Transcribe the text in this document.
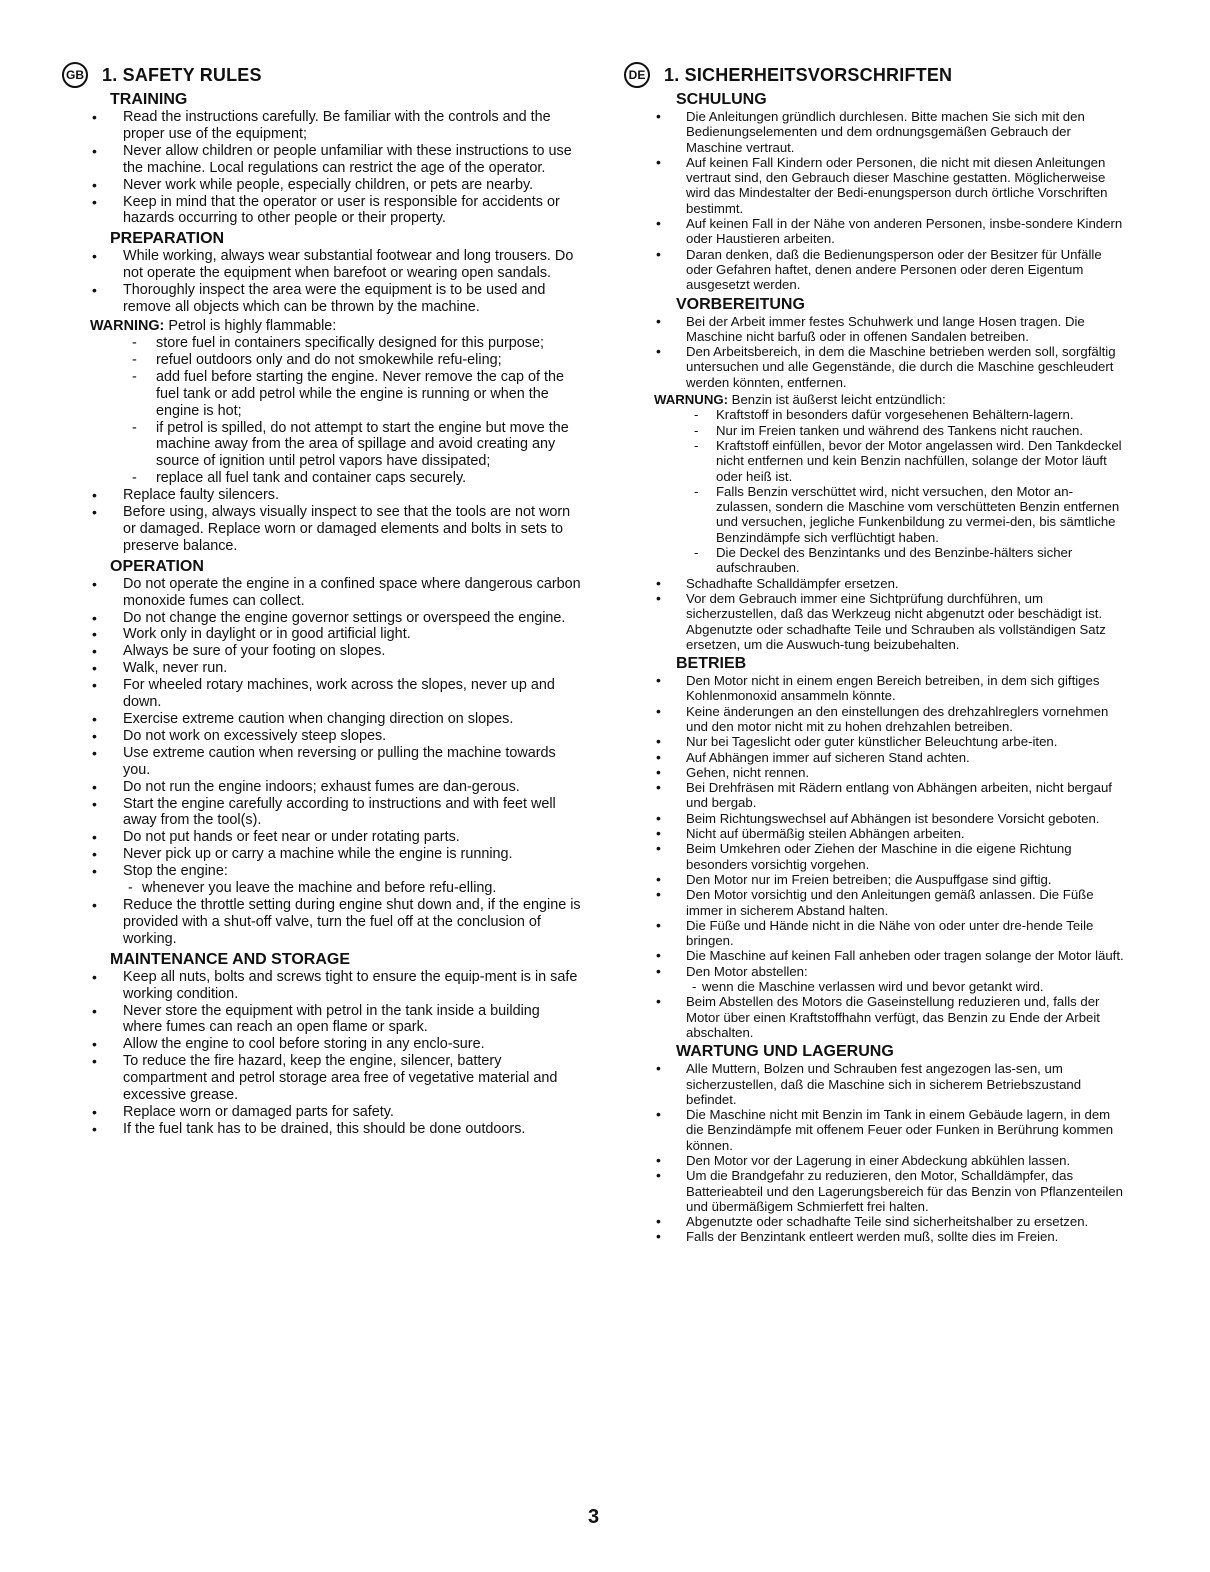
GB 1. SAFETY RULES
TRAINING
• Read the instructions carefully. Be familiar with the controls and the proper use of the equipment;
• Never allow children or people unfamiliar with these instructions to use the machine. Local regulations can restrict the age of the operator.
• Never work while people, especially children, or pets are nearby.
• Keep in mind that the operator or user is responsible for accidents or hazards occurring to other people or their property.
PREPARATION
• While working, always wear substantial footwear and long trousers. Do not operate the equipment when barefoot or wearing open sandals.
• Thoroughly inspect the area were the equipment is to be used and remove all objects which can be thrown by the machine.
WARNING: Petrol is highly flammable:
- store fuel in containers specifically designed for this purpose;
- refuel outdoors only and do not smokewhile refu-eling;
- add fuel before starting the engine. Never remove the cap of the fuel tank or add petrol while the engine is running or when the engine is hot;
- if petrol is spilled, do not attempt to start the engine but move the machine away from the area of spillage and avoid creating any source of ignition until petrol vapors have dissipated;
- replace all fuel tank and container caps securely.
• Replace faulty silencers.
• Before using, always visually inspect to see that the tools are not worn or damaged. Replace worn or damaged elements and bolts in sets to preserve balance.
OPERATION
• Do not operate the engine in a confined space where dangerous carbon monoxide fumes can collect.
• Do not change the engine governor settings or overspeed the engine.
• Work only in daylight or in good artificial light.
• Always be sure of your footing on slopes.
• Walk, never run.
• For wheeled rotary machines, work across the slopes, never up and down.
• Exercise extreme caution when changing direction on slopes.
• Do not work on excessively steep slopes.
• Use extreme caution when reversing or pulling the machine towards you.
• Do not run the engine indoors; exhaust fumes are dan-gerous.
• Start the engine carefully according to instructions and with feet well away from the tool(s).
• Do not put hands or feet near or under rotating parts.
• Never pick up or carry a machine while the engine is running.
• Stop the engine:
- whenever you leave the machine and before refu-elling.
• Reduce the throttle setting during engine shut down and, if the engine is provided with a shut-off valve, turn the fuel off at the conclusion of working.
MAINTENANCE AND STORAGE
• Keep all nuts, bolts and screws tight to ensure the equip-ment is in safe working condition.
• Never store the equipment with petrol in the tank inside a building where fumes can reach an open flame or spark.
• Allow the engine to cool before storing in any enclo-sure.
• To reduce the fire hazard, keep the engine, silencer, battery compartment and petrol storage area free of vegetative material and excessive grease.
• Replace worn or damaged parts for safety.
• If the fuel tank has to be drained, this should be done outdoors.
DE 1. SICHERHEITSVORSCHRIFTEN
SCHULUNG
• Die Anleitungen gründlich durchlesen. Bitte machen Sie sich mit den Bedienungselementen und dem ordnungsgemäßen Gebrauch der Maschine vertraut.
• Auf keinen Fall Kindern oder Personen, die nicht mit diesen Anleitungen vertraut sind, den Gebrauch dieser Maschine gestatten. Möglicherweise wird das Mindestalter der Bedi-enungsperson durch örtliche Vorschriften bestimmt.
• Auf keinen Fall in der Nähe von anderen Personen, insbe-sondere Kindern oder Haustieren arbeiten.
• Daran denken, daß die Bedienungsperson oder der Besitzer für Unfälle oder Gefahren haftet, denen andere Personen oder deren Eigentum ausgesetzt werden.
VORBEREITUNG
• Bei der Arbeit immer festes Schuhwerk und lange Hosen tragen. Die Maschine nicht barfuß oder in offenen Sandalen betreiben.
• Den Arbeitsbereich, in dem die Maschine betrieben werden soll, sorgfältig untersuchen und alle Gegenstände, die durch die Maschine geschleudert werden könnten, entfernen.
WARNUNG: Benzin ist äußerst leicht entzündlich:
- Kraftstoff in besonders dafür vorgesehenen Behältern-lagern.
- Nur im Freien tanken und während des Tankens nicht rauchen.
- Kraftstoff einfüllen, bevor der Motor angelassen wird. Den Tankdeckel nicht entfernen und kein Benzin nachfüllen, solange der Motor läuft oder heiß ist.
- Falls Benzin verschüttet wird, nicht versuchen, den Motor an-zulassen, sondern die Maschine vom verschütteten Benzin entfernen und versuchen, jegliche Funkenbildung zu vermei-den, bis sämtliche Benzindämpfe sich verflüchtigt haben.
- Die Deckel des Benzintanks und des Benzinbe-hälters sicher aufschrauben.
• Schadhafte Schalldämpfer ersetzen.
• Vor dem Gebrauch immer eine Sichtprüfung durchführen, um sicherzustellen, daß das Werkzeug nicht abgenutzt oder beschädigt ist. Abgenutzte oder schadhafte Teile und Schrauben als vollständigen Satz ersetzen, um die Auswuch-tung beizubehalten.
BETRIEB
• Den Motor nicht in einem engen Bereich betreiben, in dem sich giftiges Kohlenmonoxid ansammeln könnte.
• Keine änderungen an den einstellungen des drehzahlreglers vornehmen und den motor nicht mit zu hohen drehzahlen betreiben.
• Nur bei Tageslicht oder guter künstlicher Beleuchtung arbe-iten.
• Auf Abhängen immer auf sicheren Stand achten.
• Gehen, nicht rennen.
• Bei Drehfräsen mit Rädern entlang von Abhängen arbeiten, nicht bergauf und bergab.
• Beim Richtungswechsel auf Abhängen ist besondere Vorsicht geboten.
• Nicht auf übermäßig steilen Abhängen arbeiten.
• Beim Umkehren oder Ziehen der Maschine in die eigene Richtung besonders vorsichtig vorgehen.
• Den Motor nur im Freien betreiben; die Auspuffgase sind giftig.
• Den Motor vorsichtig und den Anleitungen gemäß anlassen. Die Füße immer in sicherem Abstand halten.
• Die Füße und Hände nicht in die Nähe von oder unter dre-hende Teile bringen.
• Die Maschine auf keinen Fall anheben oder tragen solange der Motor läuft.
• Den Motor abstellen:
- wenn die Maschine verlassen wird und bevor getankt wird.
• Beim Abstellen des Motors die Gaseinstellung reduzieren und, falls der Motor über einen Kraftstoffhahn verfügt, das Benzin zu Ende der Arbeit abschalten.
WARTUNG UND LAGERUNG
• Alle Muttern, Bolzen und Schrauben fest angezogen las-sen, um sicherzustellen, daß die Maschine sich in sicherem Betriebszustand befindet.
• Die Maschine nicht mit Benzin im Tank in einem Gebäude lagern, in dem die Benzindämpfe mit offenem Feuer oder Funken in Berührung kommen können.
• Den Motor vor der Lagerung in einer Abdeckung abkühlen lassen.
• Um die Brandgefahr zu reduzieren, den Motor, Schalldämpfer, das Batterieabteil und den Lagerungsbereich für das Benzin von Pflanzenteilen und übermäßigem Schmierfett frei halten.
• Abgenutzte oder schadhafte Teile sind sicherheitshalber zu ersetzen.
• Falls der Benzintank entleert werden muß, sollte dies im Freien.
3
